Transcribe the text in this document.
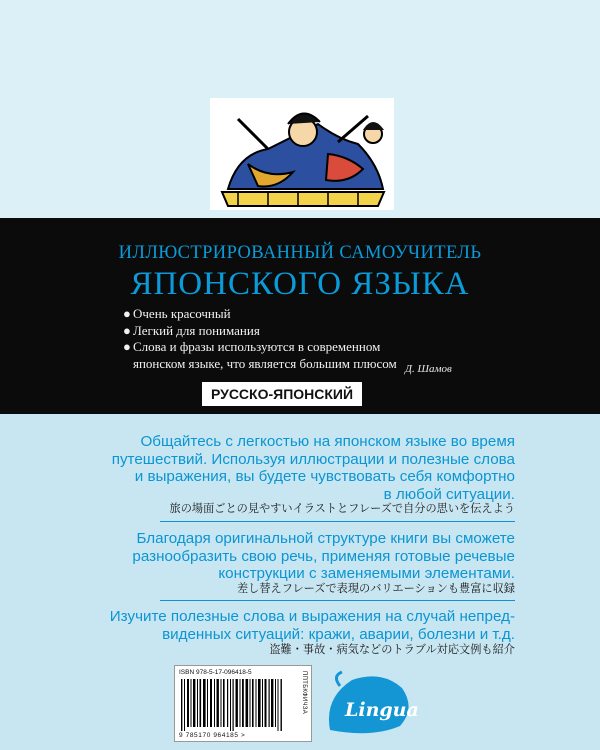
ИЛЛЮСТРИРОВАННЫЙ САМОУЧИТЕЛЬ
ЯПОНСКОГО ЯЗЫКА
● Очень красочный
● Легкий для понимания
● Слова и фразы используются в современном
японском языке, что является большим плюсом Д. Шамов
РУССКО-ЯПОНСКИЙ
Общайтесь с легкостью на японском языке во время
путешествий. Используя иллюстрации и полезные слова
и выражения, вы будете чувствовать себя комфортно
в любой ситуации.
旅の場面ごとの見やすいイラストとフレーズで自分の思いを伝えよう
Благодаря оригинальной структуре книги вы сможете
разнообразить свою речь, применяя готовые речевые
конструкции с заменяемыми элементами.
差し替えフレーズで表現のバリエーションも豊富に収録
Изучите полезные слова и выражения на случай непред-
виденных ситуаций: кражи, аварии, болезни и т.д.
盗難・事故・病気などのトラブル対応文例も紹介
ISBN 978-5-17-096418-5
9 785170 964185 >
ППТБКФИЧЗА Lingua
